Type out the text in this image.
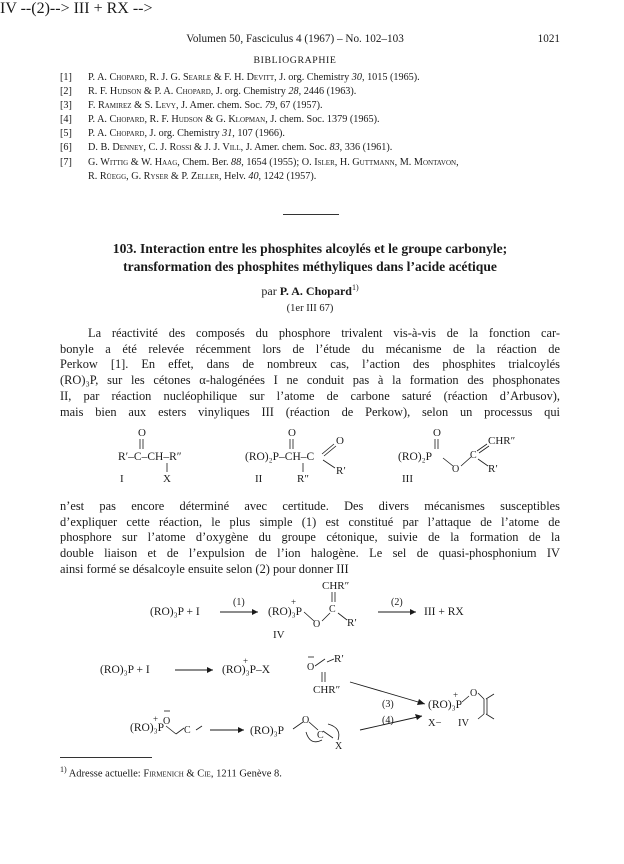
Volumen 50, Fasciculus 4 (1967) – No. 102–103	1021
BIBLIOGRAPHIE
[1] P. A. Chopard, R. J. G. Searle & F. H. Devitt, J. org. Chemistry 30, 1015 (1965).
[2] R. F. Hudson & P. A. Chopard, J. org. Chemistry 28, 2446 (1963).
[3] F. Ramirez & S. Levy, J. Amer. chem. Soc. 79, 67 (1957).
[4] P. A. Chopard, R. F. Hudson & G. Klopman, J. chem. Soc. 1379 (1965).
[5] P. A. Chopard, J. org. Chemistry 31, 107 (1966).
[6] D. B. Denney, C. J. Rossi & J. J. Vill, J. Amer. chem. Soc. 83, 336 (1961).
[7] G. Wittig & W. Haag, Chem. Ber. 88, 1654 (1955); O. Isler, H. Guttmann, M. Montavon,
R. Rüegg, G. Ryser & P. Zeller, Helv. 40, 1242 (1957).
103. Interaction entre les phosphites alcoylés et le groupe carbonyle;
transformation des phosphites méthyliques dans l’acide acétique
par P. A. Chopard$^{1)}$
(1er III 67)
La réactivité des composés du phosphore trivalent vis-à-vis de la fonction car-
bonyle a été relevée récemment lors de l’étude du mécanisme de la réaction de
Perkow [1]. En effet, dans de nombreux cas, l’action des phosphites trialcoylés
(RO)₃P, sur les cétones α-halogénées I ne conduit pas à la formation des phosphonates
II, par réaction nucléophilique sur l’atome de carbone saturé (réaction d’Arbusov),
mais bien aux esters vinyliques III (réaction de Perkow), selon un processus qui
O
R′–C–CH–R″
X
I
O
(RO)₂P–CH–C
O
R′
R″
II
O
(RO)₂P
O
C
CHR″
R′
III
n’est pas encore déterminé avec certitude. Des divers mécanismes susceptibles
d’expliquer cette réaction, le plus simple (1) est constitué par l’attaque de l’atome de
phosphore sur l’atome d’oxygène du groupe cétonique, suivie de la formation de la
double liaison et de l’expulsion de l’ion halogène. Le sel de quasi-phosphonium IV
ainsi formé se désalcoyle ensuite selon (2) pour donner III
IV --(2)--> III + RX -->
(RO)₃P + I
(1)
(RO)₃P
+
O
C
CHR″
R′
IV
(2)
III + RX
(RO)₃P + I	(RO)₃P–X
+
O
R′
CHR″
(3)
(RO)₃P
+ O
C	(RO)₃P
O
C
X
(4)
(RO)₃P
+ O
X− IV
$^{1)}$ Adresse actuelle: Firmenich & Cie, 1211 Genève 8.
